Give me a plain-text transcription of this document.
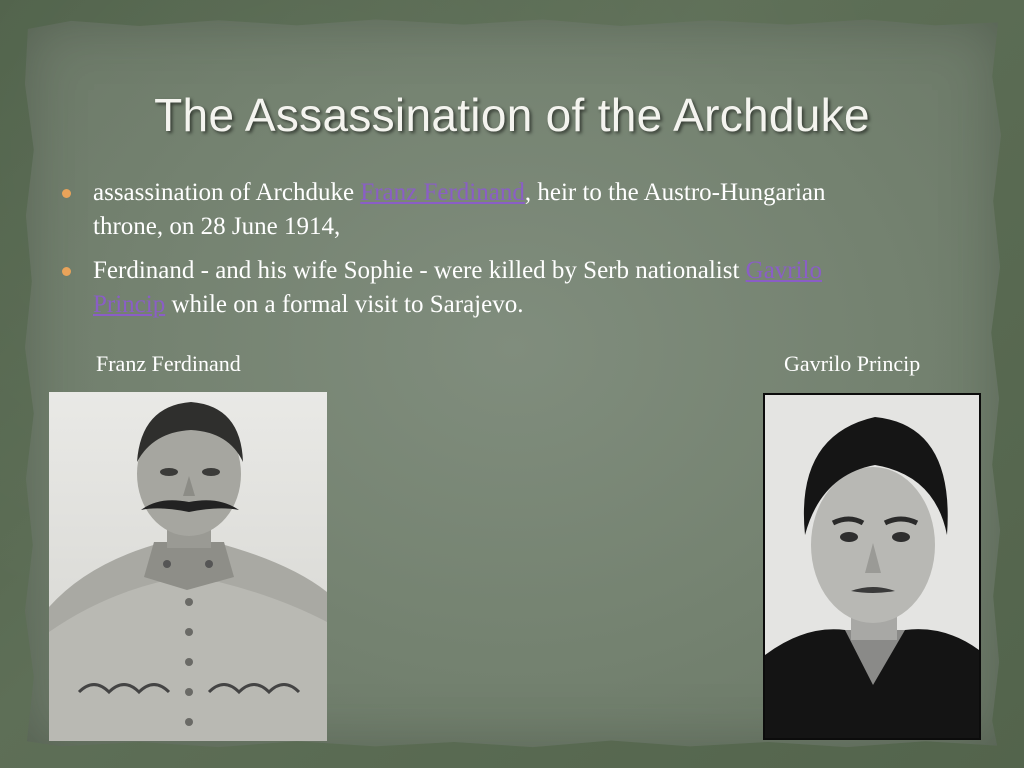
The Assassination of the Archduke
assassination of Archduke Franz Ferdinand, heir to the Austro-Hungarian throne, on 28 June 1914,
Ferdinand - and his wife Sophie - were killed by Serb nationalist Gavrilo Princip while on a formal visit to Sarajevo.
Franz Ferdinand	Gavrilo Princip
